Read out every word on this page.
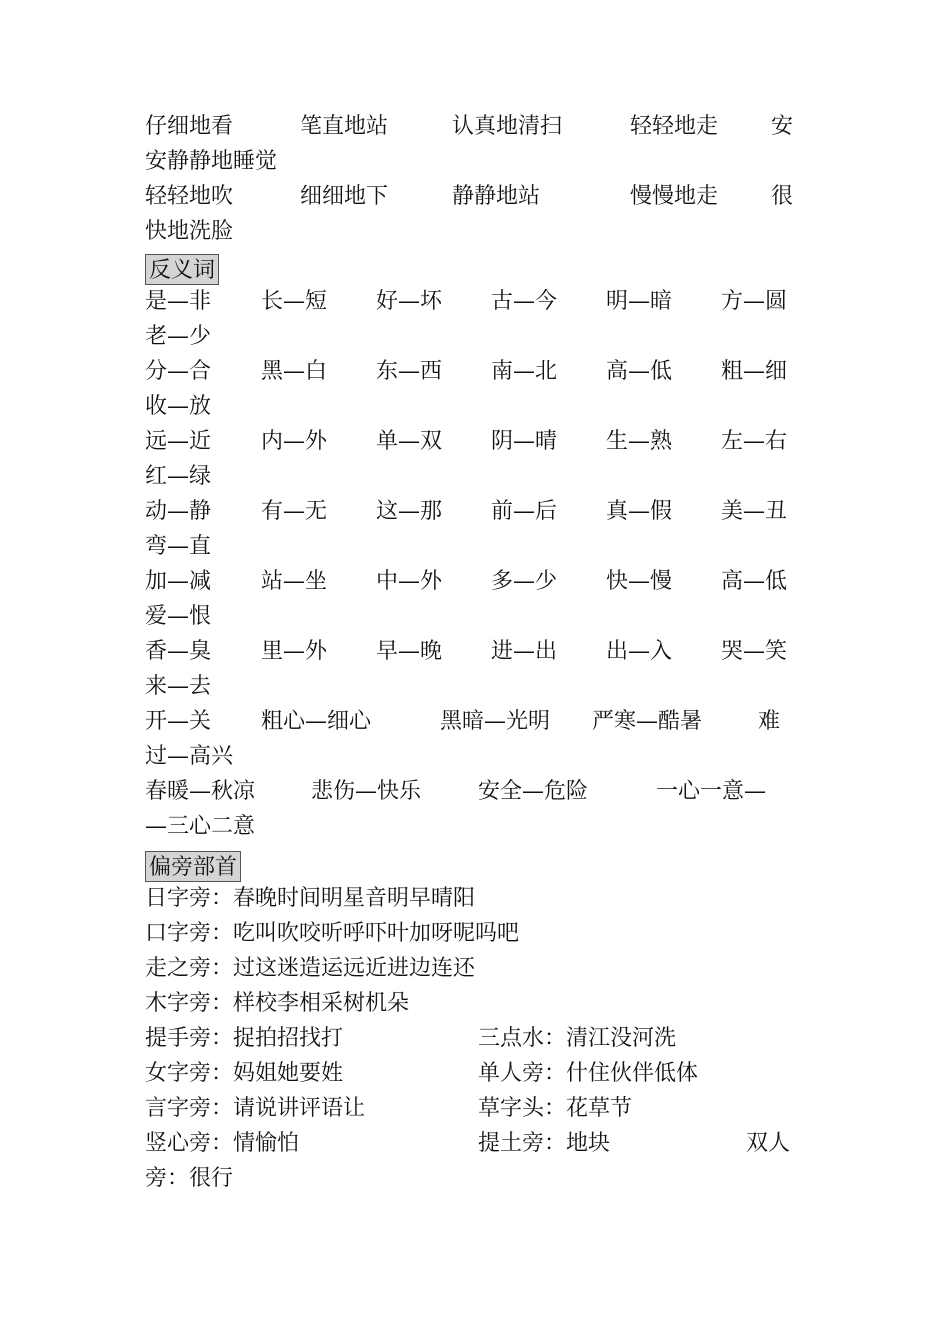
仔细地看	笔直地站	认真地清扫	轻轻地走 安
安静静地睡觉
轻轻地吹	细细地下	静静地站	慢慢地走 很
快地洗脸
反义词
是—非 长—短 好—坏 古—今 明—暗 方—圆
老—少
分—合 黑—白 东—西 南—北 高—低 粗—细
收—放
远—近 内—外 单—双 阴—晴 生—熟 左—右
红—绿
动—静 有—无 这—那 前—后 真—假 美—丑
弯—直
加—减 站—坐 中—外 多—少 快—慢 高—低
爱—恨
香—臭 里—外 早—晚 进—出 出—入 哭—笑
来—去
开—关 粗心—细心	黑暗—光明 严寒—酷暑	难
过—高兴
春暖—秋凉	悲伤—快乐	安全—危险	一心一意—
—三心二意
偏旁部首
日字旁：春晚时间明星音明早晴阳
口字旁：吃叫吹咬听呼吓叶加呀呢吗吧
走之旁：过这迷造运远近进边连还
木字旁：样校李相采树机朵
提手旁：捉拍招找打	三点水：清江没河洗
女字旁：妈姐她要姓	单人旁：什住伙伴低体
言字旁：请说讲评语让	草字头：花草节
竖心旁：情愉怕	提土旁：地块	双人
旁：很行
